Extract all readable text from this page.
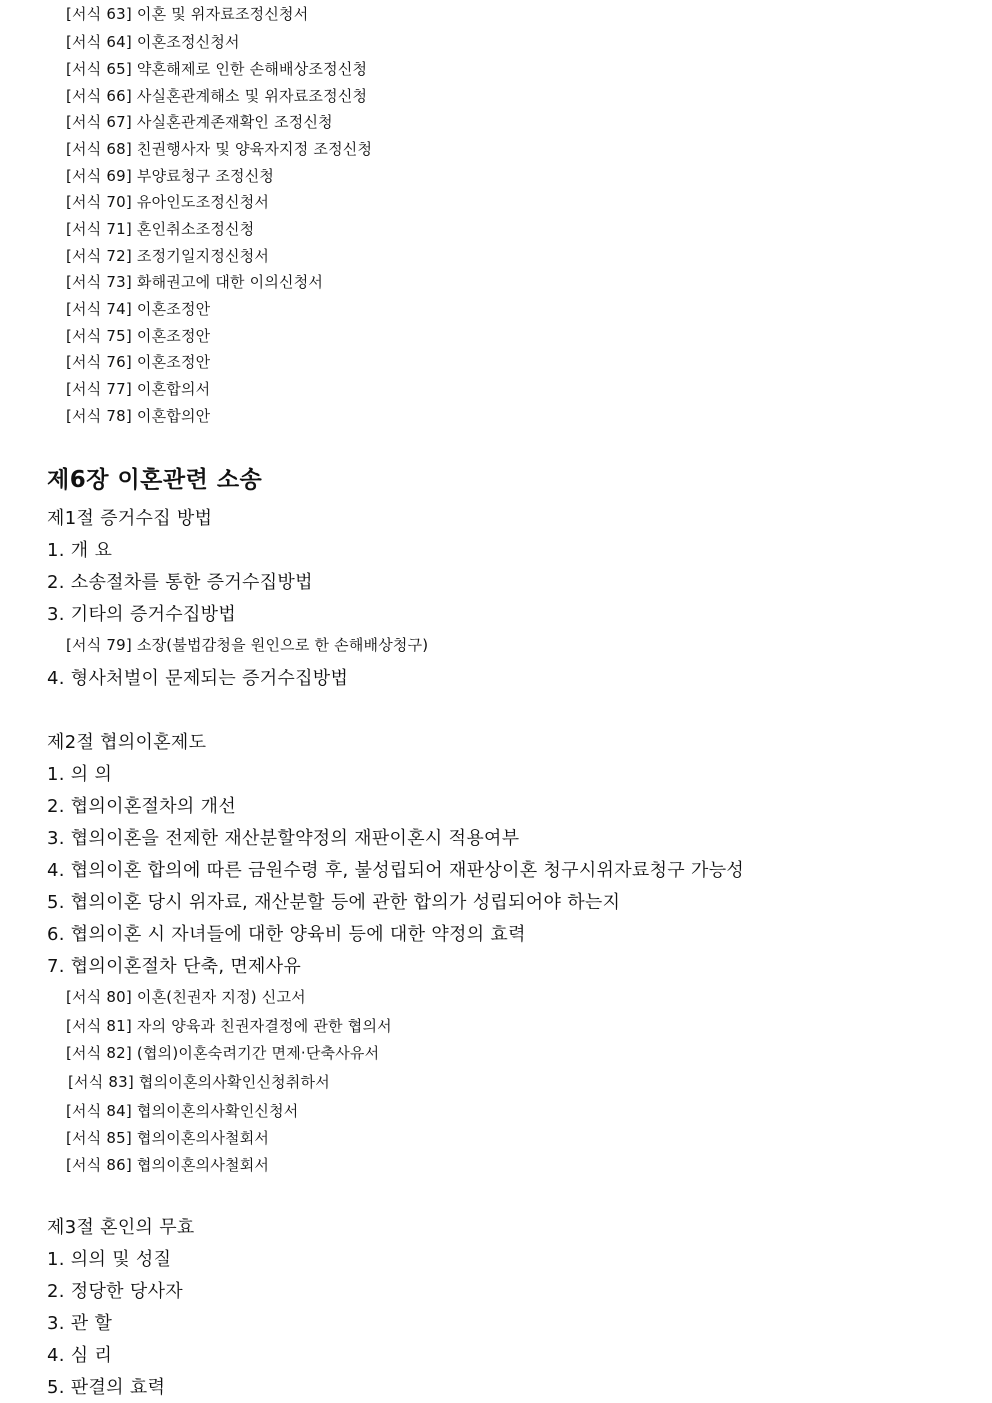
[서식 63] 이혼 및 위자료조정신청서
[서식 64] 이혼조정신청서
[서식 65] 약혼해제로 인한 손해배상조정신청
[서식 66] 사실혼관계해소 및 위자료조정신청
[서식 67] 사실혼관계존재확인 조정신청
[서식 68] 친권행사자 및 양육자지정 조정신청
[서식 69] 부양료청구 조정신청
[서식 70] 유아인도조정신청서
[서식 71] 혼인취소조정신청
[서식 72] 조정기일지정신청서
[서식 73] 화해권고에 대한 이의신청서
[서식 74] 이혼조정안
[서식 75] 이혼조정안
[서식 76] 이혼조정안
[서식 77] 이혼합의서
[서식 78] 이혼합의안
제6장 이혼관련 소송
제1절 증거수집 방법
1. 개 요
2. 소송절차를 통한 증거수집방법
3. 기타의 증거수집방법
[서식 79] 소장(불법감청을 원인으로 한 손해배상청구)
4. 형사처벌이 문제되는 증거수집방법
제2절 협의이혼제도
1. 의 의
2. 협의이혼절차의 개선
3. 협의이혼을 전제한 재산분할약정의 재판이혼시 적용여부
4. 협의이혼 합의에 따른 금원수령 후, 불성립되어 재판상이혼 청구시위자료청구 가능성
5. 협의이혼 당시 위자료, 재산분할 등에 관한 합의가 성립되어야 하는지
6. 협의이혼 시 자녀들에 대한 양육비 등에 대한 약정의 효력
7. 협의이혼절차 단축, 면제사유
[서식 80] 이혼(친권자 지정) 신고서
[서식 81] 자의 양육과 친권자결정에 관한 협의서
[서식 82] (협의)이혼숙려기간 면제·단축사유서
[서식 83] 협의이혼의사확인신청취하서
[서식 84] 협의이혼의사확인신청서
[서식 85] 협의이혼의사철회서
[서식 86] 협의이혼의사철회서
제3절 혼인의 무효
1. 의의 및 성질
2. 정당한 당사자
3. 관 할
4. 심 리
5. 판결의 효력
